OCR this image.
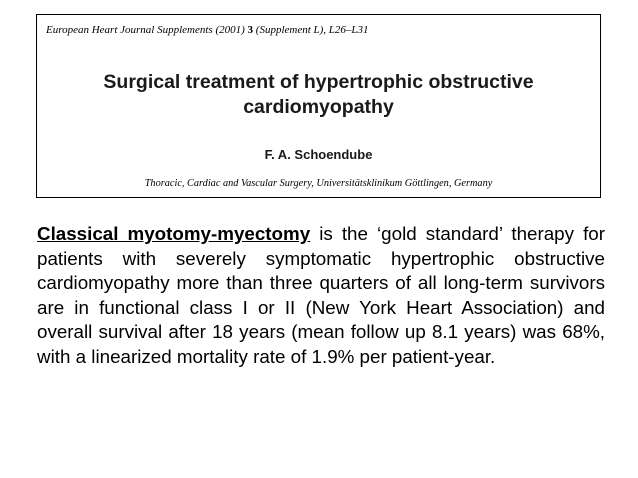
European Heart Journal Supplements (2001) 3 (Supplement L), L26–L31
Surgical treatment of hypertrophic obstructive
cardiomyopathy
F. A. Schoendube
Thoracic, Cardiac and Vascular Surgery, Universitätsklinikum Göttlingen, Germany
Classical myotomy-myectomy is the ‘gold standard’ therapy for patients with severely symptomatic hypertrophic obstructive cardiomyopathy more than three quarters of all long-term survivors are in functional class I or II (New York Heart Association) and overall survival after 18 years (mean follow up 8.1 years) was 68%, with a linearized mortality rate of 1.9% per patient-year.
